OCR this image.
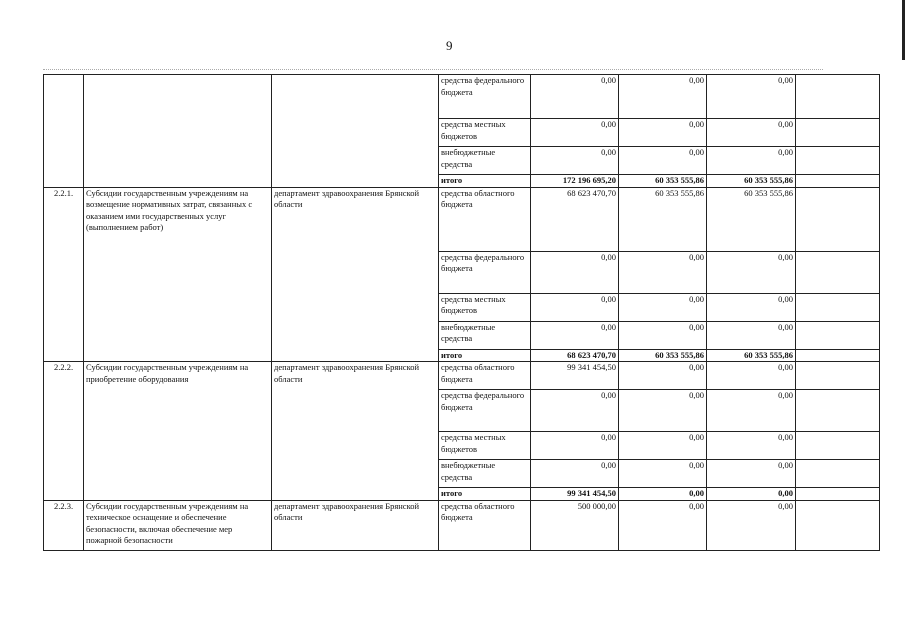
9
			средства федерального бюджета	0,00	0,00	0,00	
			средства местных бюджетов	0,00	0,00	0,00	
			внебюджетные средства	0,00	0,00	0,00	
			итого	172 196 695,20	60 353 555,86	60 353 555,86	
2.2.1.	Субсидии государственным учреждениям на возмещение нормативных затрат, связанных с оказанием ими государственных услуг (выполнением работ)	департамент здравоохранения Брянской области	средства областного бюджета	68 623 470,70	60 353 555,86	60 353 555,86	
			средства федерального бюджета	0,00	0,00	0,00	
			средства местных бюджетов	0,00	0,00	0,00	
			внебюджетные средства	0,00	0,00	0,00	
			итого	68 623 470,70	60 353 555,86	60 353 555,86	
2.2.2.	Субсидии государственным учреждениям на приобретение оборудования	департамент здравоохранения Брянской области	средства областного бюджета	99 341 454,50	0,00	0,00	
			средства федерального бюджета	0,00	0,00	0,00	
			средства местных бюджетов	0,00	0,00	0,00	
			внебюджетные средства	0,00	0,00	0,00	
			итого	99 341 454,50	0,00	0,00	
2.2.3.	Субсидии государственным учреждениям на техническое оснащение и обеспечение безопасности, включая обеспечение мер пожарной безопасности	департамент здравоохранения Брянской области	средства областного бюджета	500 000,00	0,00	0,00	
